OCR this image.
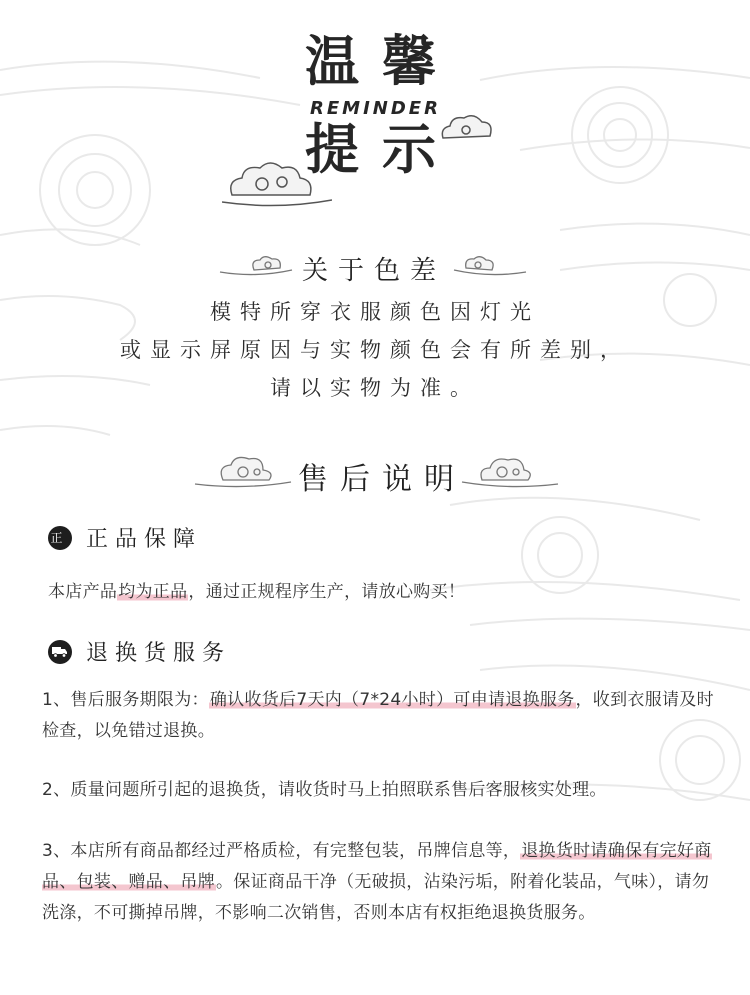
温 馨
REMINDER
提 示
关于色差
模特所穿衣服颜色因灯光
或显示屏原因与实物颜色会有所差别，
请以实物为准。
售后说明
正 正品保障
本店产品均为正品，通过正规程序生产，请放心购买！
退换货服务
1、售后服务期限为：确认收货后7天内（7*24小时）可申请退换服务，收到衣服请及时检查，以免错过退换。
2、质量问题所引起的退换货，请收货时马上拍照联系售后客服核实处理。
3、本店所有商品都经过严格质检，有完整包装，吊牌信息等，退换货时请确保有完好商品、包装、赠品、吊牌。保证商品干净（无破损，沾染污垢，附着化装品，气味），请勿洗涤，不可撕掉吊牌，不影响二次销售，否则本店有权拒绝退换货服务。
